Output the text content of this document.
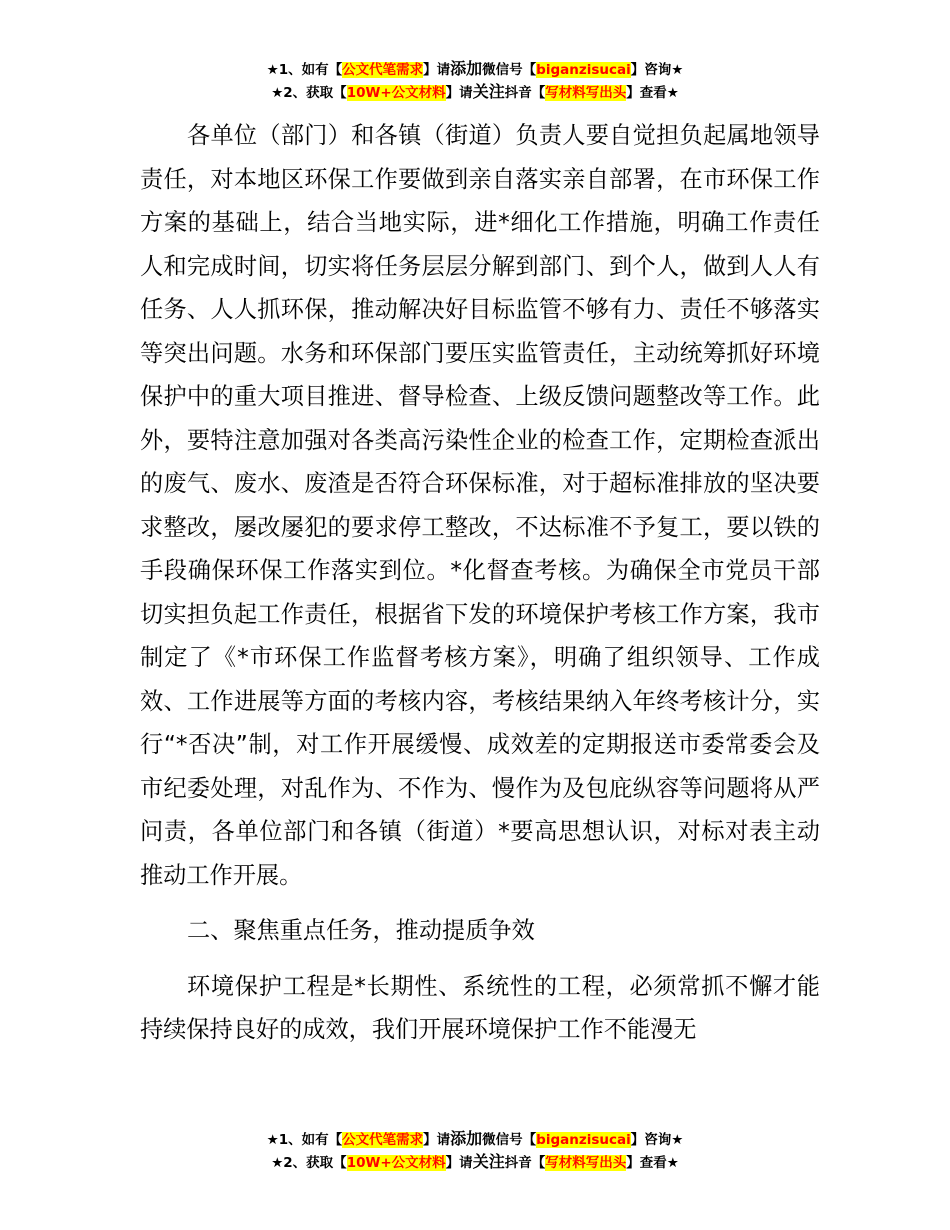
★1、如有【公文代笔需求】请添加微信号【biganzisucai】咨询★
★2、获取【10W+公文材料】请关注抖音【写材料写出头】查看★

各单位（部门）和各镇（街道）负责人要自觉担负起属地领导责任，对本地区环保工作要做到亲自落实亲自部署，在市环保工作方案的基础上，结合当地实际，进*细化工作措施，明确工作责任人和完成时间，切实将任务层层分解到部门、到个人，做到人人有任务、人人抓环保，推动解决好目标监管不够有力、责任不够落实等突出问题。水务和环保部门要压实监管责任，主动统筹抓好环境保护中的重大项目推进、督导检查、上级反馈问题整改等工作。此外，要特注意加强对各类高污染性企业的检查工作，定期检查派出的废气、废水、废渣是否符合环保标准，对于超标准排放的坚决要求整改，屡改屡犯的要求停工整改，不达标准不予复工，要以铁的手段确保环保工作落实到位。*化督查考核。为确保全市党员干部切实担负起工作责任，根据省下发的环境保护考核工作方案，我市制定了《*市环保工作监督考核方案》，明确了组织领导、工作成效、工作进展等方面的考核内容，考核结果纳入年终考核计分，实行“*否决”制，对工作开展缓慢、成效差的定期报送市委常委会及市纪委处理，对乱作为、不作为、慢作为及包庇纵容等问题将从严问责，各单位部门和各镇（街道）*要高思想认识，对标对表主动推动工作开展。

二、聚焦重点任务，推动提质争效

环境保护工程是*长期性、系统性的工程，必须常抓不懈才能持续保持良好的成效，我们开展环境保护工作不能漫无

★1、如有【公文代笔需求】请添加微信号【biganzisucai】咨询★
★2、获取【10W+公文材料】请关注抖音【写材料写出头】查看★
